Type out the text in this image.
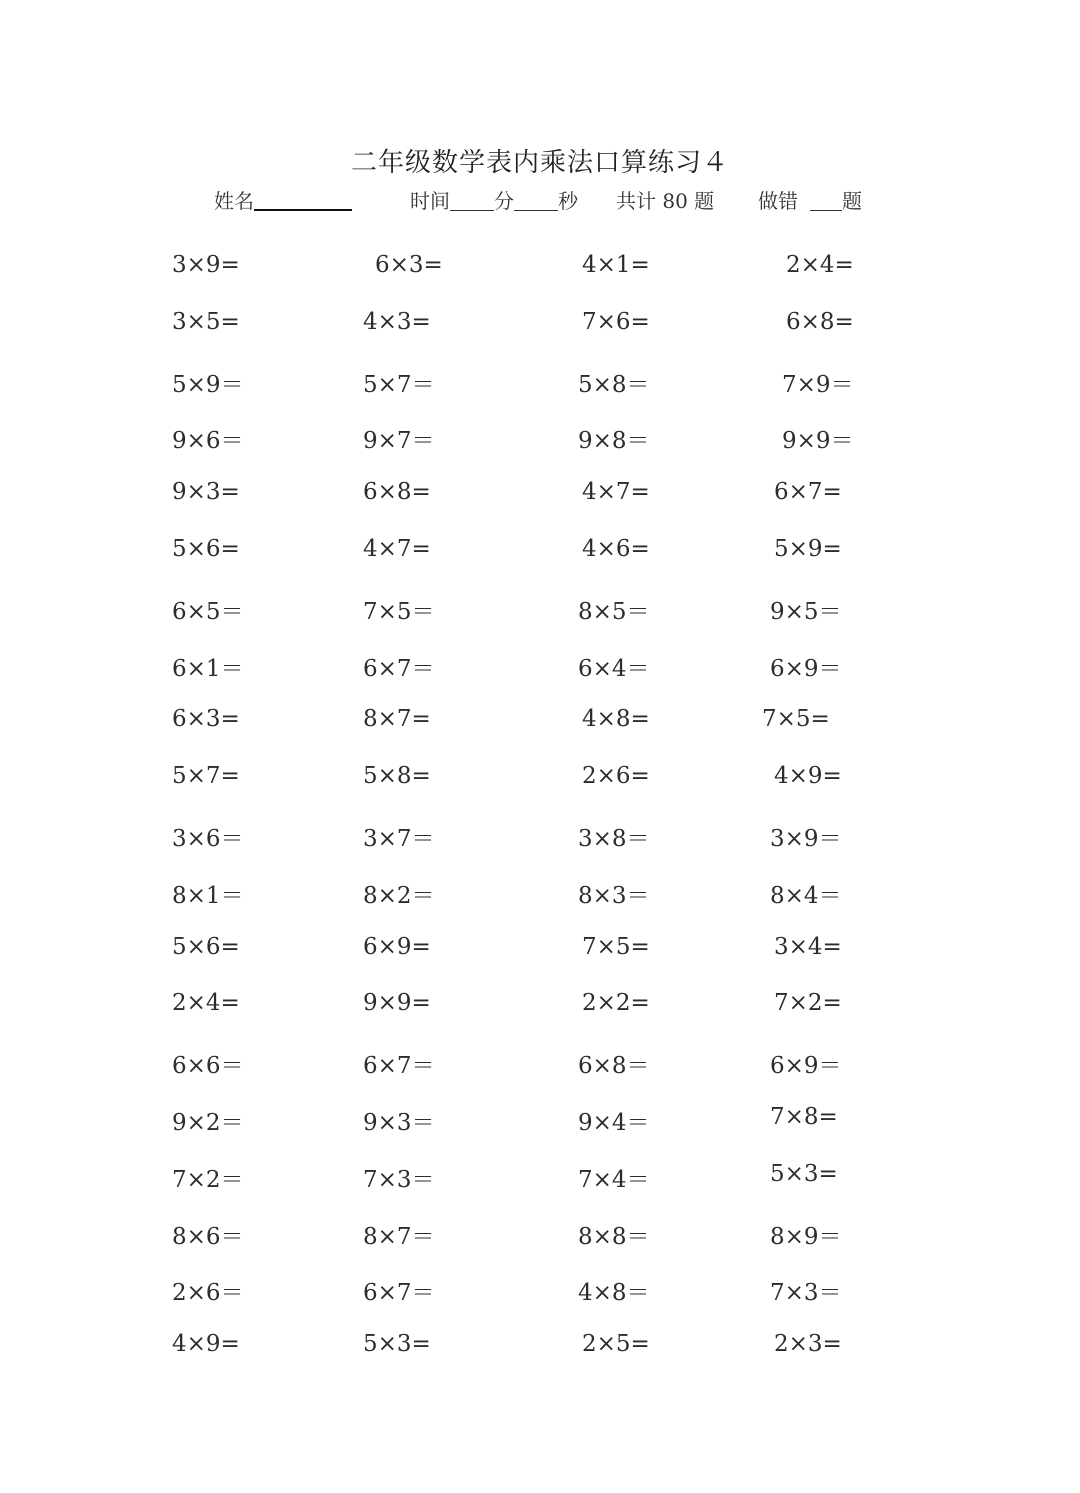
二年级数学表内乘法口算练习４
姓名	时间 分 秒 共计 80 题 做错 题
3×9=	6×3=	4×1=	2×4=
3×5=	4×3=	7×6=	6×8=
5×9＝	5×7＝	5×8＝	7×9＝
9×6＝	9×7＝	9×8＝	9×9＝
9×3=	6×8=	4×7=	6×7=
5×6=	4×7=	4×6=	5×9=
6×5＝	7×5＝	8×5＝	9×5＝
6×1＝	6×7＝	6×4＝	6×9＝
6×3=	8×7=	4×8=	7×5=
5×7=	5×8=	2×6=	4×9=
3×6＝	3×7＝	3×8＝	3×9＝
8×1＝	8×2＝	8×3＝	8×4＝
5×6=	6×9=	7×5=	3×4=
2×4=	9×9=	2×2=	7×2=
6×6＝	6×7＝	6×8＝	6×9＝
9×2＝	9×3＝	9×4＝	7×8=
7×2＝	7×3＝	7×4＝	5×3=
8×6＝	8×7＝	8×8＝	8×9＝
2×6＝	6×7＝	4×8＝	7×3＝
4×9=	5×3=	2×5=	2×3=
